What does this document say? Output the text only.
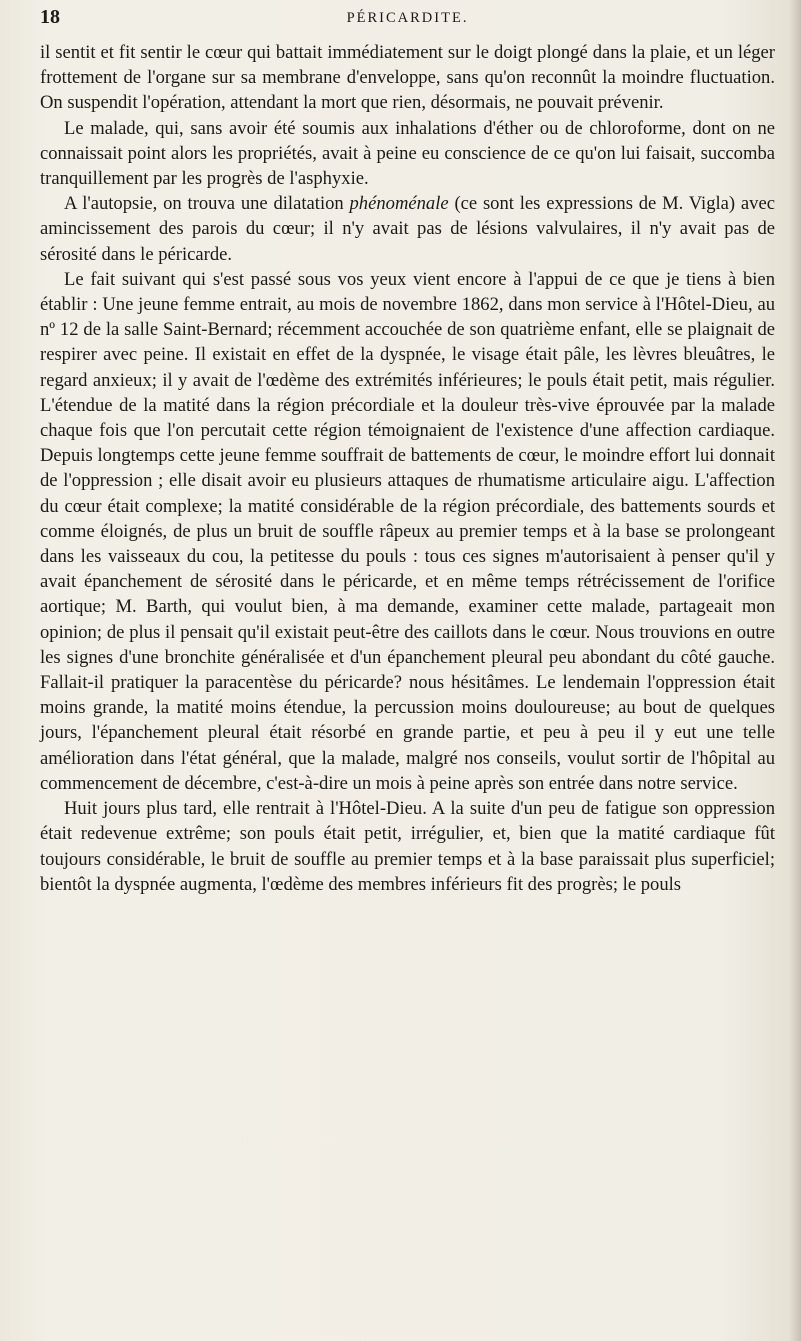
18	PÉRICARDITE.

il sentit et fit sentir le cœur qui battait immédiatement sur le doigt plongé dans la plaie, et un léger frottement de l'organe sur sa membrane d'enveloppe, sans qu'on reconnût la moindre fluctuation. On suspendit l'opération, attendant la mort que rien, désormais, ne pouvait prévenir.

Le malade, qui, sans avoir été soumis aux inhalations d'éther ou de chloroforme, dont on ne connaissait point alors les propriétés, avait à peine eu conscience de ce qu'on lui faisait, succomba tranquillement par les progrès de l'asphyxie.

A l'autopsie, on trouva une dilatation phénoménale (ce sont les expressions de M. Vigla) avec amincissement des parois du cœur; il n'y avait pas de lésions valvulaires, il n'y avait pas de sérosité dans le péricarde.

Le fait suivant qui s'est passé sous vos yeux vient encore à l'appui de ce que je tiens à bien établir : Une jeune femme entrait, au mois de novembre 1862, dans mon service à l'Hôtel-Dieu, au nº 12 de la salle Saint-Bernard; récemment accouchée de son quatrième enfant, elle se plaignait de respirer avec peine. Il existait en effet de la dyspnée, le visage était pâle, les lèvres bleuâtres, le regard anxieux; il y avait de l'œdème des extrémités inférieures; le pouls était petit, mais régulier. L'étendue de la matité dans la région précordiale et la douleur très-vive éprouvée par la malade chaque fois que l'on percutait cette région témoignaient de l'existence d'une affection cardiaque. Depuis longtemps cette jeune femme souffrait de battements de cœur, le moindre effort lui donnait de l'oppression ; elle disait avoir eu plusieurs attaques de rhumatisme articulaire aigu. L'affection du cœur était complexe; la matité considérable de la région précordiale, des battements sourds et comme éloignés, de plus un bruit de souffle râpeux au premier temps et à la base se prolongeant dans les vaisseaux du cou, la petitesse du pouls : tous ces signes m'autorisaient à penser qu'il y avait épanchement de sérosité dans le péricarde, et en même temps rétrécissement de l'orifice aortique; M. Barth, qui voulut bien, à ma demande, examiner cette malade, partageait mon opinion; de plus il pensait qu'il existait peut-être des caillots dans le cœur. Nous trouvions en outre les signes d'une bronchite généralisée et d'un épanchement pleural peu abondant du côté gauche. Fallait-il pratiquer la paracentèse du péricarde? nous hésitâmes. Le lendemain l'oppression était moins grande, la matité moins étendue, la percussion moins douloureuse; au bout de quelques jours, l'épanchement pleural était résorbé en grande partie, et peu à peu il y eut une telle amélioration dans l'état général, que la malade, malgré nos conseils, voulut sortir de l'hôpital au commencement de décembre, c'est-à-dire un mois à peine après son entrée dans notre service.

Huit jours plus tard, elle rentrait à l'Hôtel-Dieu. A la suite d'un peu de fatigue son oppression était redevenue extrême; son pouls était petit, irrégulier, et, bien que la matité cardiaque fût toujours considérable, le bruit de souffle au premier temps et à la base paraissait plus superficiel; bientôt la dyspnée augmenta, l'œdème des membres inférieurs fit des progrès; le pouls
